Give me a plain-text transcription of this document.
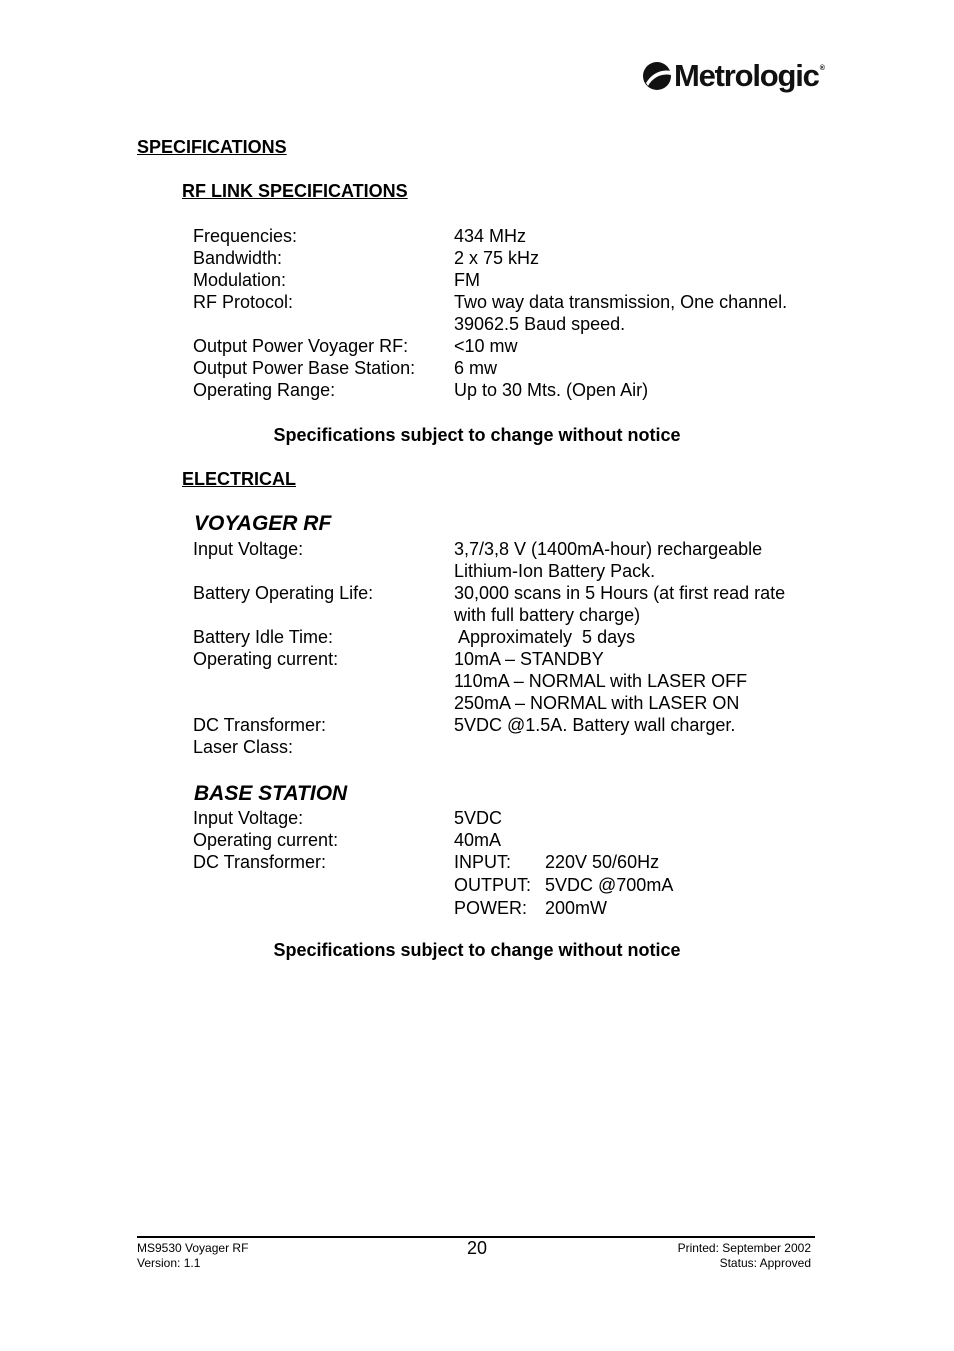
Metrologic ®
SPECIFICATIONS
RF LINK SPECIFICATIONS
Frequencies:	434 MHz
Bandwidth:	2 x 75 kHz
Modulation:	FM
RF Protocol:	Two way data transmission, One channel.
39062.5 Baud speed.
Output Power Voyager RF:	<10 mw
Output Power Base Station: 6 mw
Operating Range:	Up to 30 Mts. (Open Air)
Specifications subject to change without notice
ELECTRICAL
VOYAGER RF
Input Voltage:	3,7/3,8 V (1400mA-hour) rechargeable
Lithium-Ion Battery Pack.
Battery Operating Life:	30,000 scans in 5 Hours (at first read rate
with full battery charge)
Battery Idle Time:	Approximately  5 days
Operating current:	10mA – STANDBY
110mA – NORMAL with LASER OFF
250mA – NORMAL with LASER ON
DC Transformer:	5VDC @1.5A. Battery wall charger.
Laser Class:
BASE STATION
Input Voltage:	5VDC
Operating current:	40mA
DC Transformer:	INPUT: 220V 50/60Hz
OUTPUT: 5VDC @700mA
POWER: 200mW
Specifications subject to change without notice
MS9530 Voyager RF
Version: 1.1
20	Printed: September 2002
Status: Approved
